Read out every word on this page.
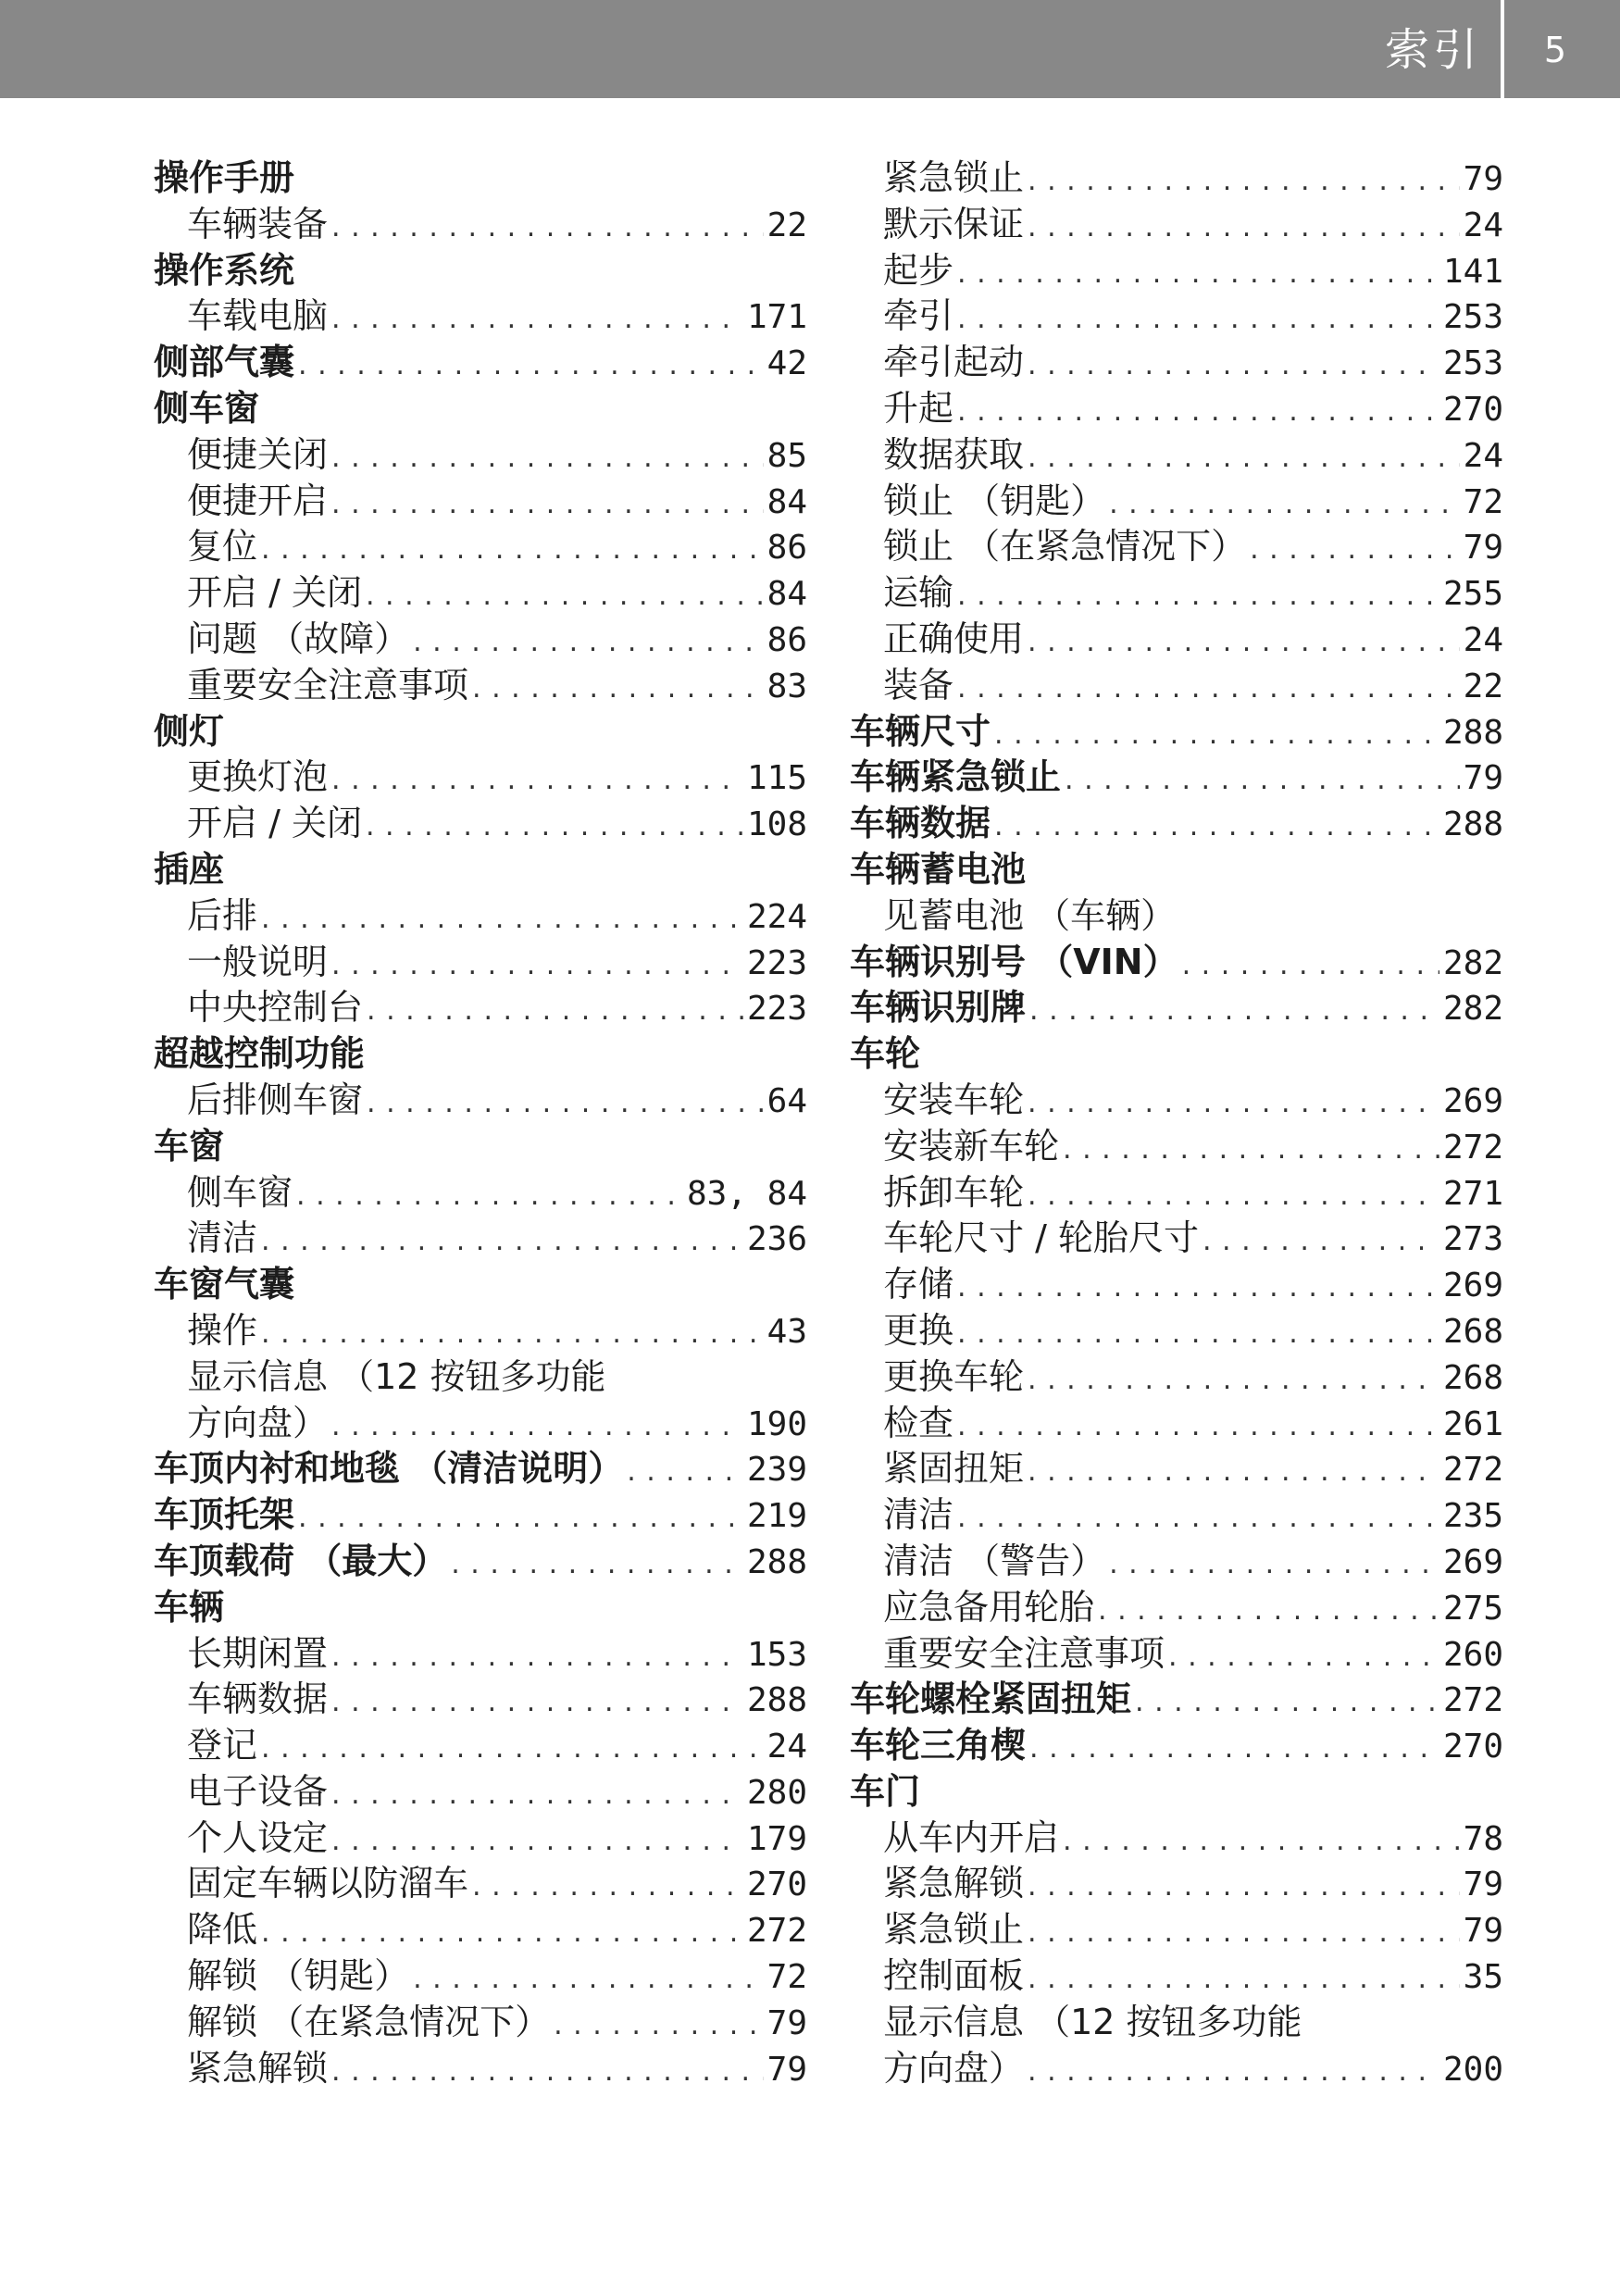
索引	5
操作手册
车辆装备 . . .	22
操作系统
车载电脑 . . .	171
侧部气囊 . . .	42
侧车窗
便捷关闭 . . .	85
便捷开启 . . .	84
复位 . . .	86
开启 / 关闭 . . .	84
问题 （故障） . . .	86
重要安全注意事项 . . .	83
侧灯
更换灯泡 . . .	115
开启 / 关闭 . . .	108
插座
后排 . . .	224
一般说明 . . .	223
中央控制台 . . .	223
超越控制功能
后排侧车窗 . . .	64
车窗
侧车窗 . . .	83, 84
清洁 . . .	236
车窗气囊
操作 . . .	43
显示信息 （12 按钮多功能
方向盘） . . .	190
车顶内衬和地毯 （清洁说明） . . .	239
车顶托架 . . .	219
车顶载荷 （最大） . . .	288
车辆
长期闲置 . . .	153
车辆数据 . . .	288
登记 . . .	24
电子设备 . . .	280
个人设定 . . .	179
固定车辆以防溜车 . . .	270
降低 . . .	272
解锁 （钥匙） . . .	72
解锁 （在紧急情况下） . . .	79
紧急解锁 . . .	79
紧急锁止 . . .	79
默示保证 . . .	24
起步 . . .	141
牵引 . . .	253
牵引起动 . . .	253
升起 . . .	270
数据获取 . . .	24
锁止 （钥匙） . . .	72
锁止 （在紧急情况下） . . .	79
运输 . . .	255
正确使用 . . .	24
装备 . . .	22
车辆尺寸 . . .	288
车辆紧急锁止 . . .	79
车辆数据 . . .	288
车辆蓄电池
见蓄电池 （车辆）
车辆识别号 （VIN） . . .	282
车辆识别牌 . . .	282
车轮
安装车轮 . . .	269
安装新车轮 . . .	272
拆卸车轮 . . .	271
车轮尺寸 / 轮胎尺寸 . . .	273
存储 . . .	269
更换 . . .	268
更换车轮 . . .	268
检查 . . .	261
紧固扭矩 . . .	272
清洁 . . .	235
清洁 （警告） . . .	269
应急备用轮胎 . . .	275
重要安全注意事项 . . .	260
车轮螺栓紧固扭矩 . . .	272
车轮三角楔 . . .	270
车门
从车内开启 . . .	78
紧急解锁 . . .	79
紧急锁止 . . .	79
控制面板 . . .	35
显示信息 （12 按钮多功能
方向盘） . . .	200
